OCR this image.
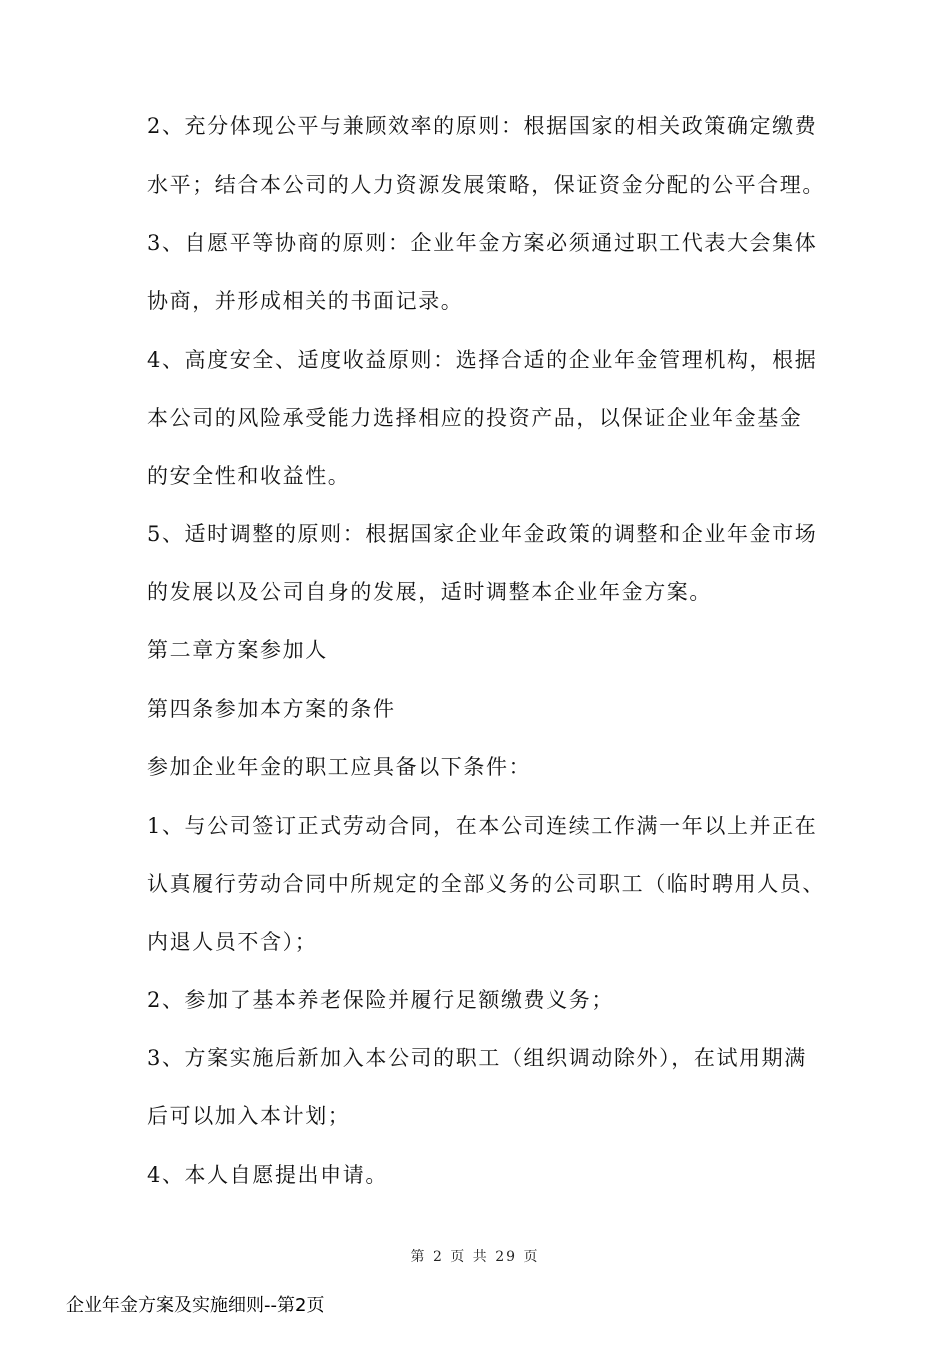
2、充分体现公平与兼顾效率的原则：根据国家的相关政策确定缴费
水平；结合本公司的人力资源发展策略，保证资金分配的公平合理。
3、自愿平等协商的原则：企业年金方案必须通过职工代表大会集体
协商，并形成相关的书面记录。
4、高度安全、适度收益原则：选择合适的企业年金管理机构，根据
本公司的风险承受能力选择相应的投资产品，以保证企业年金基金
的安全性和收益性。
5、适时调整的原则：根据国家企业年金政策的调整和企业年金市场
的发展以及公司自身的发展，适时调整本企业年金方案。
第二章方案参加人
第四条参加本方案的条件
参加企业年金的职工应具备以下条件：
1、与公司签订正式劳动合同，在本公司连续工作满一年以上并正在
认真履行劳动合同中所规定的全部义务的公司职工（临时聘用人员、
内退人员不含）；
2、参加了基本养老保险并履行足额缴费义务；
3、方案实施后新加入本公司的职工（组织调动除外），在试用期满
后可以加入本计划；
4、本人自愿提出申请。
第 2 页 共 29 页
企业年金方案及实施细则--第2页
